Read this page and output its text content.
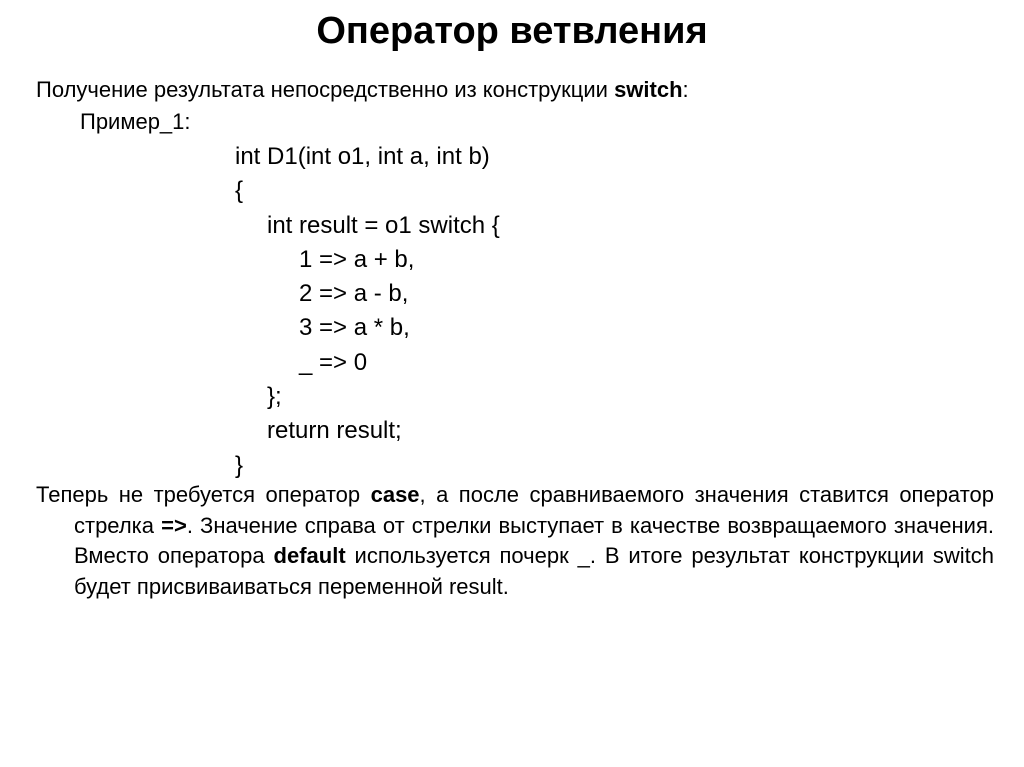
Оператор ветвления
Получение результата непосредственно из конструкции switch:
Пример_1:
int D1(int o1, int a, int b)
{
int result = o1 switch {
1 => a + b,
2 => a - b,
3 => a * b,
_ => 0
};
return result;
}

Теперь не требуется оператор case, а после сравниваемого значения ставится оператор стрелка =>. Значение справа от стрелки выступает в качестве возвращаемого значения. Вместо оператора default используется почерк _. В итоге результат конструкции switch будет присвиваиваться переменной result.
